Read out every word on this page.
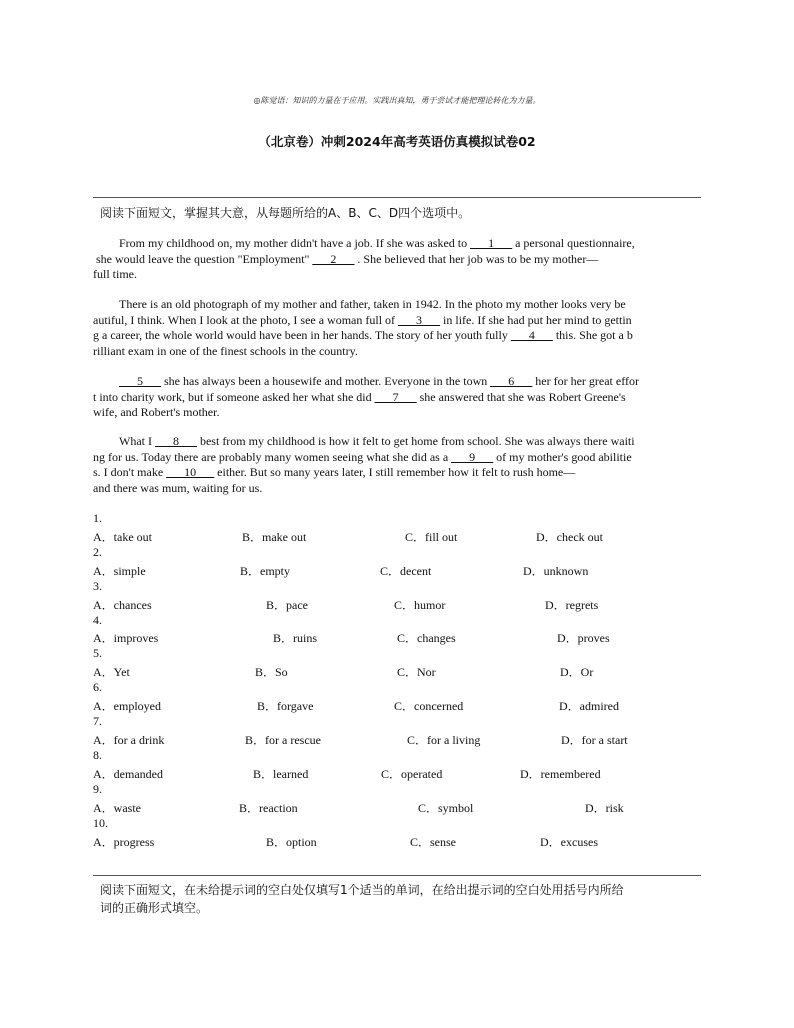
◎陈觉语：知识的力量在于应用。实践出真知，勇于尝试才能把理论转化为力量。
（北京卷）冲刺2024年高考英语仿真模拟试卷02
阅读下面短文，掌握其大意，从每题所给的A、B、C、D四个选项中。

From my childhood on, my mother didn't have a job. If she was asked to ___1___ a personal questionnaire,

she would leave the question "Employment" ___2___ . She believed that her job was to be my mother—

full time.

There is an old photograph of my mother and father, taken in 1942. In the photo my mother looks very be

autiful, I think. When I look at the photo, I see a woman full of ___3___ in life. If she had put her mind to gettin

g a career, the whole world would have been in her hands. The story of her youth fully ___4___ this. She got a b

rilliant exam in one of the finest schools in the country.

___5___ she has always been a housewife and mother. Everyone in the town ___6___ her for her great effor

t into charity work, but if someone asked her what she did ___7___ she answered that she was Robert Greene's

wife, and Robert's mother.

What I ___8___ best from my childhood is how it felt to get home from school. She was always there waiti

ng for us. Today there are probably many women seeing what she did as a ___9___ of my mother's good abilitie

s. I don't make ___10___ either. But so many years later, I still remember how it felt to rush home—

and there was mum, waiting for us.

1.
A．take out	B．make out	C．fill out	D．check out
2.
A．simple	B．empty	C．decent	D．unknown
3.
A．chances	B．pace	C．humor	D．regrets
4.
A．improves	B．ruins	C．changes	D．proves
5.
A．Yet	B．So	C．Nor	D．Or
6.
A．employed	B．forgave	C．concerned	D．admired
7.
A．for a drink	B．for a rescue	C．for a living	D．for a start
8.
A．demanded	B．learned	C．operated	D．remembered
9.
A．waste	B．reaction	C．symbol	D．risk
10.
A．progress	B．option	C．sense	D．excuses
阅读下面短文，在未给提示词的空白处仅填写1个适当的单词，在给出提示词的空白处用括号内所给
词的正确形式填空。
